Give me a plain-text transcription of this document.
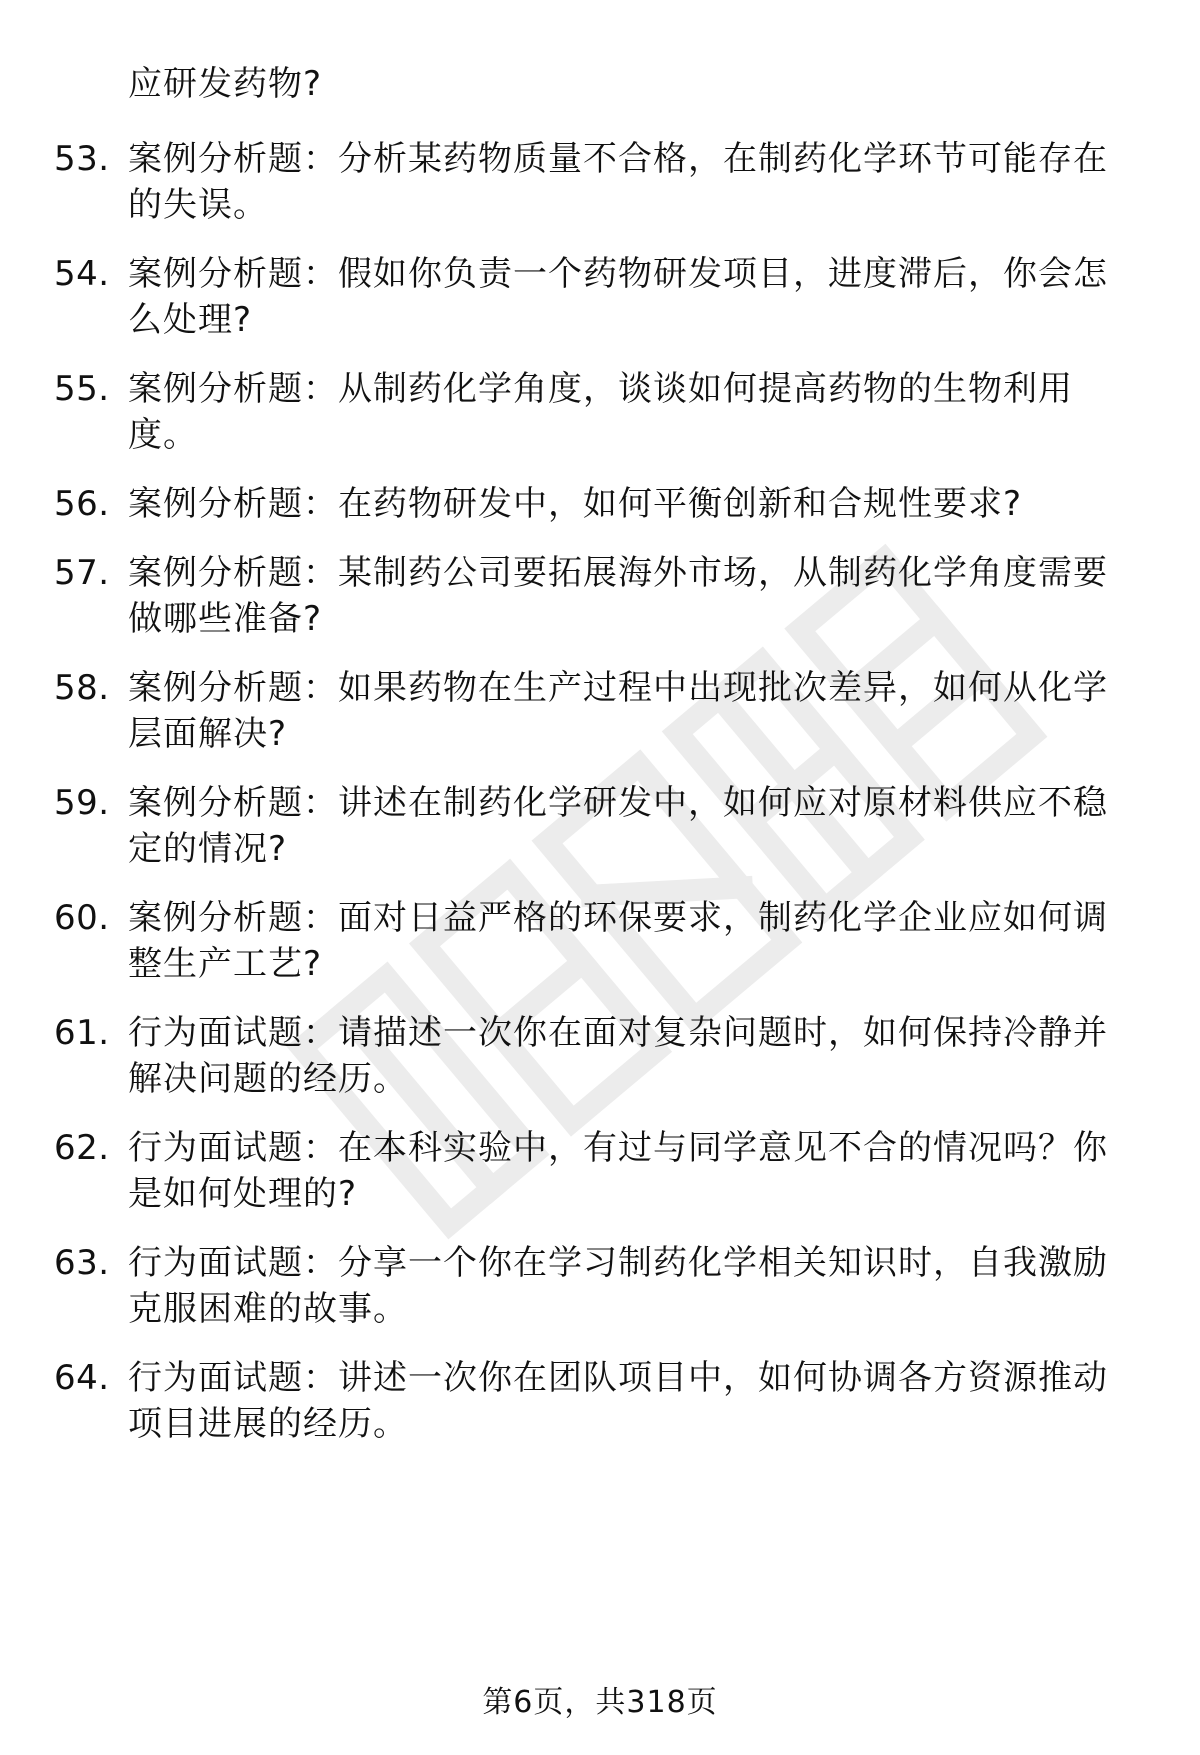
应研发药物?
53. 案例分析题：分析某药物质量不合格，在制药化学环节可能存在
的失误。
54. 案例分析题：假如你负责一个药物研发项目，进度滞后，你会怎
么处理?
55. 案例分析题：从制药化学角度，谈谈如何提高药物的生物利用
度。
56. 案例分析题：在药物研发中，如何平衡创新和合规性要求?
57. 案例分析题：某制药公司要拓展海外市场，从制药化学角度需要
做哪些准备?
58. 案例分析题：如果药物在生产过程中出现批次差异，如何从化学
层面解决?
59. 案例分析题：讲述在制药化学研发中，如何应对原材料供应不稳
定的情况?
60. 案例分析题：面对日益严格的环保要求，制药化学企业应如何调
整生产工艺?
61. 行为面试题：请描述一次你在面对复杂问题时，如何保持冷静并
解决问题的经历。
62. 行为面试题：在本科实验中，有过与同学意见不合的情况吗？你
是如何处理的?
63. 行为面试题：分享一个你在学习制药化学相关知识时，自我激励
克服困难的故事。
64. 行为面试题：讲述一次你在团队项目中，如何协调各方资源推动
项目进展的经历。
第6页，共318页
